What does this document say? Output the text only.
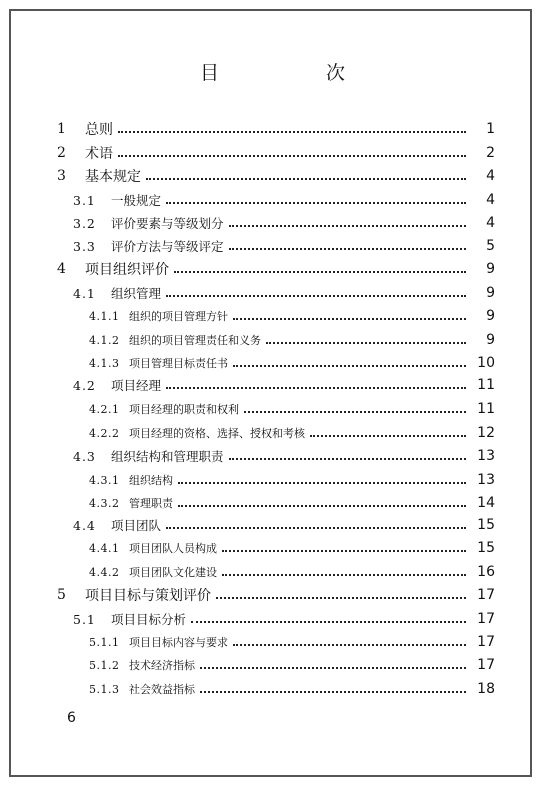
目　次
1	总则	1
2	术语	2
3	基本规定	4
3.1	一般规定	4
3.2	评价要素与等级划分	4
3.3	评价方法与等级评定	5
4	项目组织评价	9
4.1	组织管理	9
4.1.1 组织的项目管理方针	9
4.1.2 组织的项目管理责任和义务	9
4.1.3 项目管理目标责任书	10
4.2	项目经理	11
4.2.1 项目经理的职责和权利	11
4.2.2 项目经理的资格、选择、授权和考核	12
4.3	组织结构和管理职责	13
4.3.1 组织结构	13
4.3.2 管理职责	14
4.4	项目团队	15
4.4.1 项目团队人员构成	15
4.4.2 项目团队文化建设	16
5	项目目标与策划评价	17
5.1	项目目标分析	17
5.1.1 项目目标内容与要求	17
5.1.2 技术经济指标	17
5.1.3 社会效益指标	18
6
